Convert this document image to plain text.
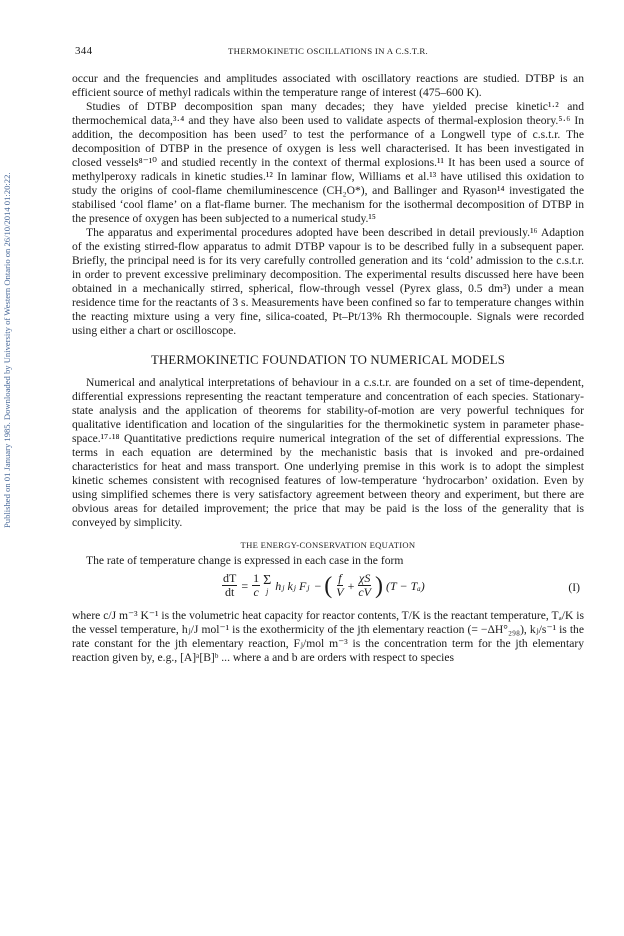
Published on 01 January 1985. Downloaded by University of Western Ontario on 26/10/2014 01:20:22.
344	THERMOKINETIC OSCILLATIONS IN A C.S.T.R.

occur and the frequencies and amplitudes associated with oscillatory reactions are studied. DTBP is an efficient source of methyl radicals within the temperature range of interest (475–600 K).

Studies of DTBP decomposition span many decades; they have yielded precise kinetic¹·² and thermochemical data,³·⁴ and they have also been used to validate aspects of thermal-explosion theory.⁵·⁶ In addition, the decomposition has been used⁷ to test the performance of a Longwell type of c.s.t.r. The decomposition of DTBP in the presence of oxygen is less well characterised. It has been investigated in closed vessels⁸⁻¹⁰ and studied recently in the context of thermal explosions.¹¹ It has been used a source of methylperoxy radicals in kinetic studies.¹² In laminar flow, Williams et al.¹³ have utilised this oxidation to study the origins of cool-flame chemiluminescence (CH₂O*), and Ballinger and Ryason¹⁴ investigated the stabilised ‘cool flame’ on a flat-flame burner. The mechanism for the isothermal decomposition of DTBP in the presence of oxygen has been subjected to a numerical study.¹⁵

The apparatus and experimental procedures adopted have been described in detail previously.¹⁶ Adaption of the existing stirred-flow apparatus to admit DTBP vapour is to be described fully in a subsequent paper. Briefly, the principal need is for its very carefully controlled generation and its ‘cold’ admission to the c.s.t.r. in order to prevent excessive preliminary decomposition. The experimental results discussed here have been obtained in a mechanically stirred, spherical, flow-through vessel (Pyrex glass, 0.5 dm³) under a mean residence time for the reactants of 3 s. Measurements have been confined so far to temperature changes within the reacting mixture using a very fine, silica-coated, Pt–Pt/13% Rh thermocouple. Signals were recorded using either a chart or oscilloscope.

THERMOKINETIC FOUNDATION TO NUMERICAL MODELS

Numerical and analytical interpretations of behaviour in a c.s.t.r. are founded on a set of time-dependent, differential expressions representing the reactant temperature and concentration of each species. Stationary-state analysis and the application of theorems for stability-of-motion are very powerful techniques for qualitative identification and location of the singularities for the thermokinetic system in parameter phase-space.¹⁷·¹⁸ Quantitative predictions require numerical integration of the set of differential expressions. The terms in each equation are determined by the mechanistic basis that is invoked and pre-ordained characteristics for heat and mass transport. One underlying premise in this work is to adopt the simplest kinetic schemes consistent with recognised features of low-temperature ‘hydrocarbon’ oxidation. Even by using simplified schemes there is very satisfactory agreement between theory and experiment, but there are obvious areas for detailed improvement; the price that may be paid is the loss of the generality that is conveyed by simplicity.

THE ENERGY-CONSERVATION EQUATION

The rate of temperature change is expressed in each case in the form

$\frac{dT}{dt} = \frac{1}{c}$ Σ
j hⱼ kⱼ Fⱼ − ( $\frac{f}{V} + \frac{\chi S}{cV}$ ) (T − Tₐ)	(I)

where c/J m⁻³ K⁻¹ is the volumetric heat capacity for reactor contents, T/K is the reactant temperature, Tₐ/K is the vessel temperature, hⱼ/J mol⁻¹ is the exothermicity of the jth elementary reaction (= −ΔH°₂₉₈), kⱼ/s⁻¹ is the rate constant for the jth elementary reaction, Fⱼ/mol m⁻³ is the concentration term for the jth elementary reaction given by, e.g., [A]ᵃ[B]ᵇ ... where a and b are orders with respect to species
